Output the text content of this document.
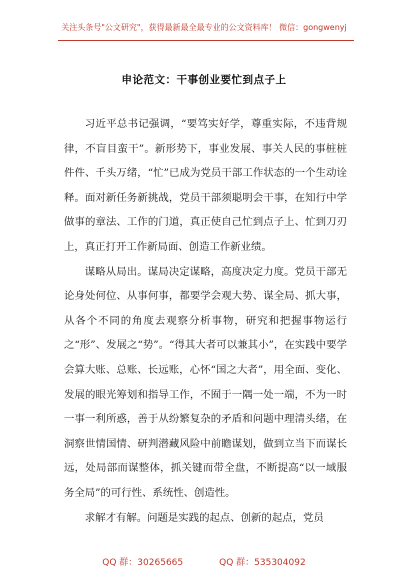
关注头条号"公文研究"，获得最新最全最专业的公文资料库！ 微信：gongwenyj
申论范文：干事创业要忙到点子上

习近平总书记强调，“要笃实好学，尊重实际，不违背规律，不盲目蛮干”。新形势下，事业发展、事关人民的事桩桩件件、千头万绪，“忙”已成为党员干部工作状态的一个生动诠释。面对新任务新挑战，党员干部须聪明会干事，在知行中学做事的章法、工作的门道，真正使自己忙到点子上、忙到刀刃上，真正打开工作新局面、创造工作新业绩。

谋略从局出。谋局决定谋略，高度决定力度。党员干部无论身处何位、从事何事，都要学会观大势、谋全局、抓大事，从各个不同的角度去观察分析事物，研究和把握事物运行之“形”、发展之“势”。“得其大者可以兼其小”，在实践中要学会算大账、总账、长远账，心怀“国之大者”，用全面、变化、发展的眼光筹划和指导工作，不囿于一隅一处一端，不为一时一事一利所惑，善于从纷繁复杂的矛盾和问题中理清头绪，在洞察世情国情、研判潜藏风险中前瞻谋划，做到立当下而谋长远，处局部而谋整体，抓关键而带全盘，不断提高“以一域服务全局”的可行性、系统性、创造性。

求解才有解。问题是实践的起点、创新的起点，党员

QQ 群：30265665	QQ 群：535304092
